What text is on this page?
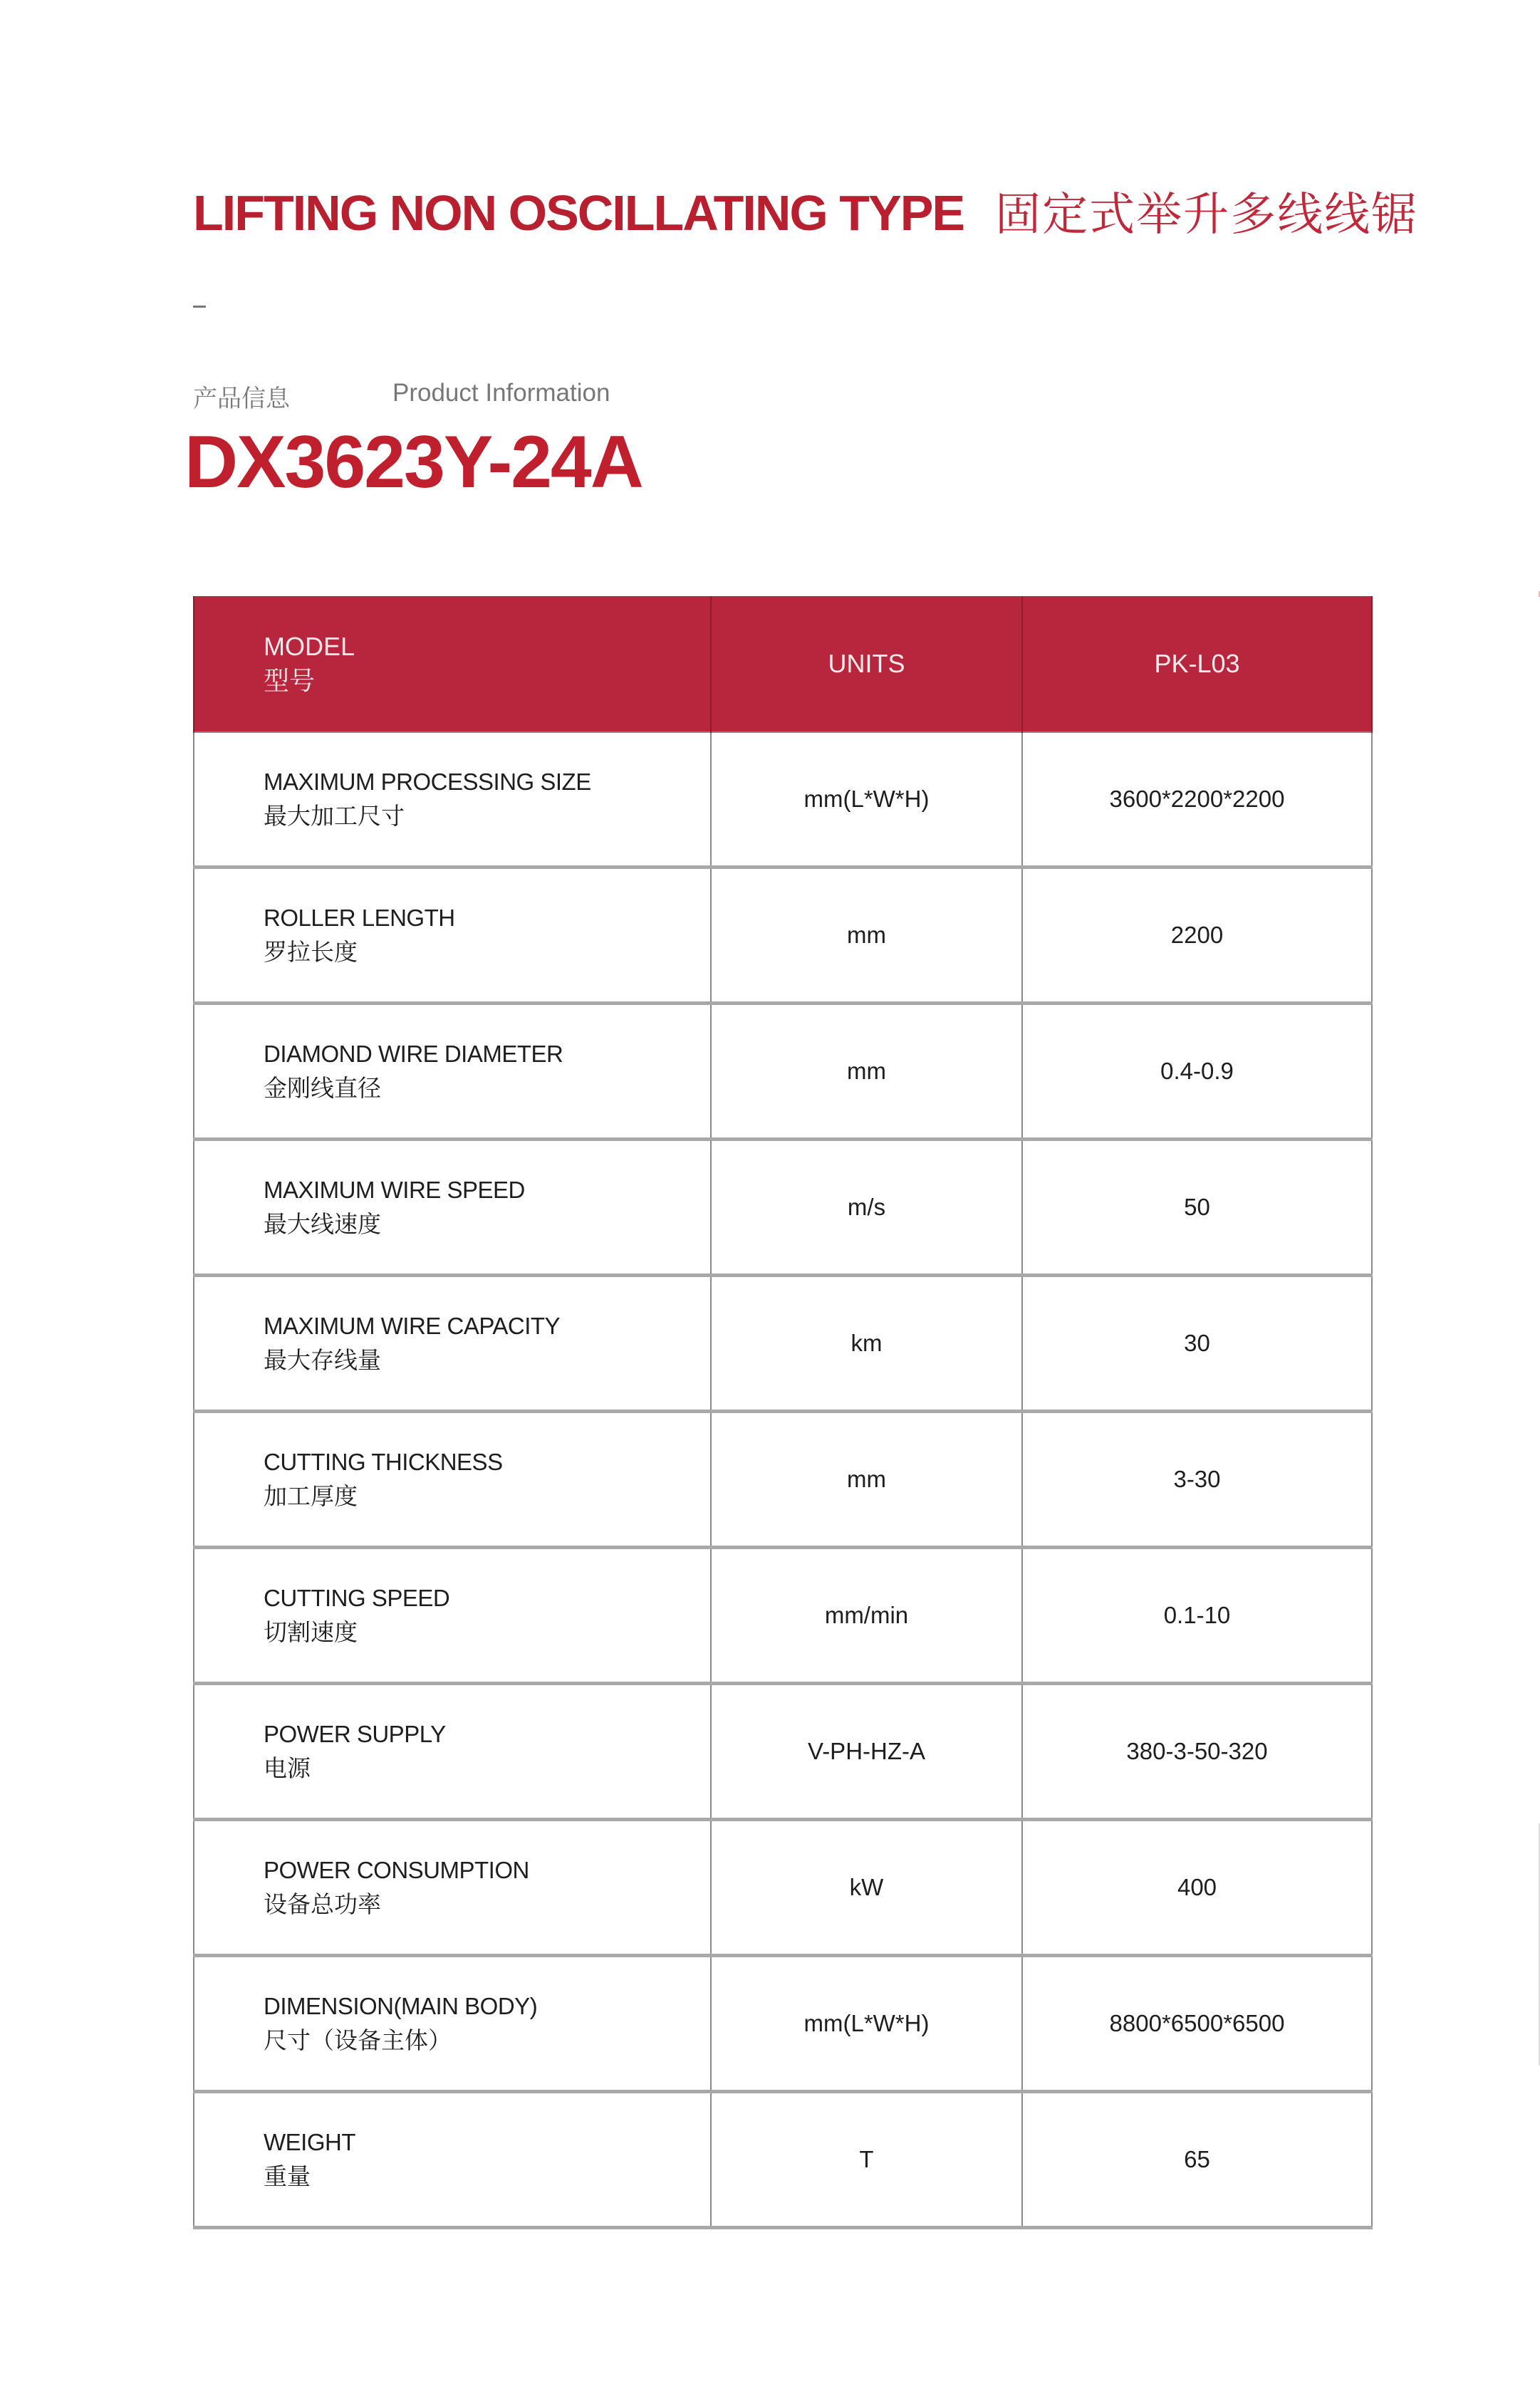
LIFTING NON OSCILLATING TYPE 固定式举升多线线锯
产品信息	Product Information
DX3623Y-24A
MODEL
型号	UNITS	PK-L03

MAXIMUM PROCESSING SIZE
最大加工尺寸	mm(L*W*H)	3600*2200*2200

ROLLER LENGTH
罗拉长度	mm	2200

DIAMOND WIRE DIAMETER
金刚线直径	mm	0.4-0.9

MAXIMUM WIRE SPEED
最大线速度	m/s	50

MAXIMUM WIRE CAPACITY
最大存线量	km	30

CUTTING THICKNESS
加工厚度	mm	3-30

CUTTING SPEED
切割速度	mm/min	0.1-10

POWER SUPPLY
电源	V-PH-HZ-A	380-3-50-320

POWER CONSUMPTION
设备总功率	kW	400

DIMENSION(MAIN BODY)
尺寸（设备主体）	mm(L*W*H)	8800*6500*6500

WEIGHT
重量	T	65
